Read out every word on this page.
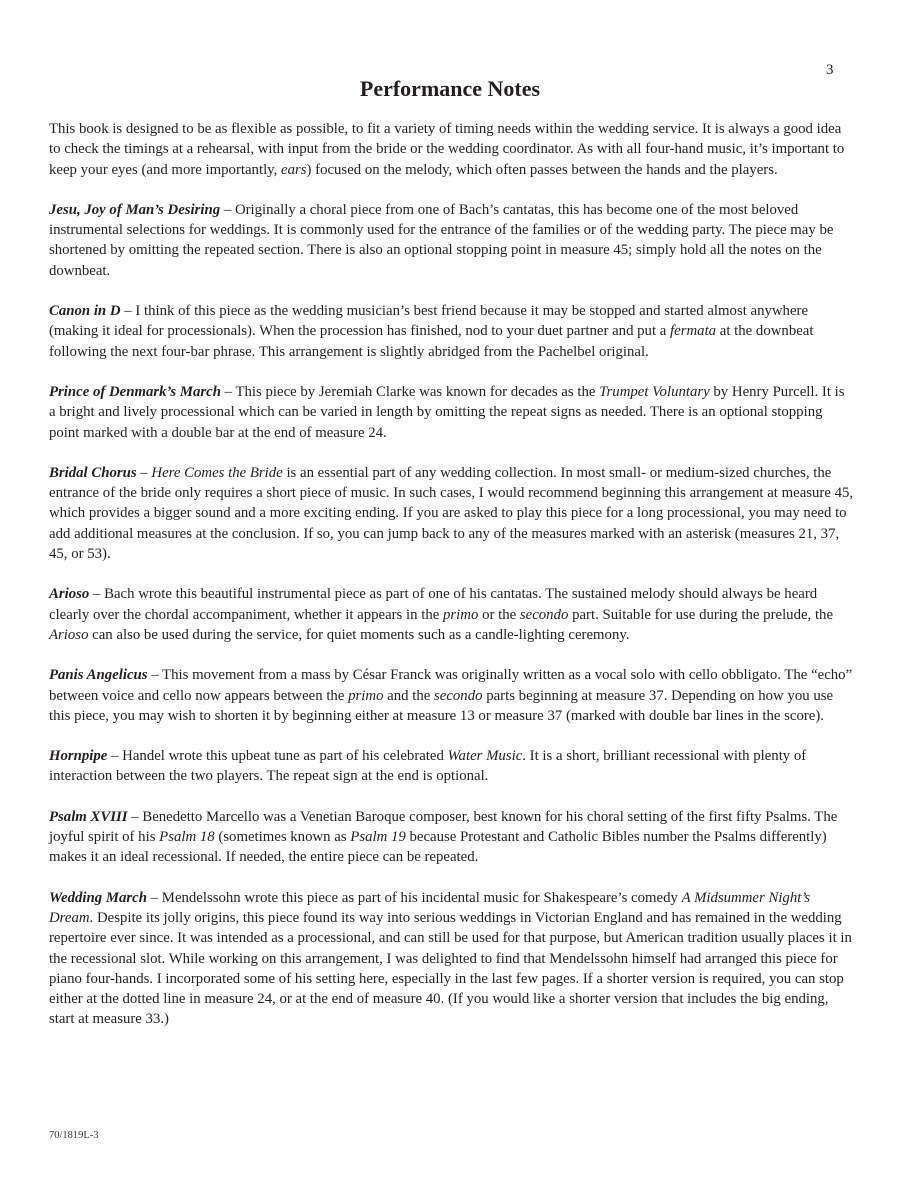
3
Performance Notes

This book is designed to be as flexible as possible, to fit a variety of timing needs within the wedding service. It is always a good idea to check the timings at a rehearsal, with input from the bride or the wedding coordinator. As with all four-hand music, it’s important to keep your eyes (and more importantly, ears) focused on the melody, which often passes between the hands and the players.

Jesu, Joy of Man’s Desiring – Originally a choral piece from one of Bach’s cantatas, this has become one of the most beloved instrumental selections for weddings. It is commonly used for the entrance of the families or of the wedding party. The piece may be shortened by omitting the repeated section. There is also an optional stopping point in measure 45; simply hold all the notes on the downbeat.

Canon in D – I think of this piece as the wedding musician’s best friend because it may be stopped and started almost anywhere (making it ideal for processionals). When the procession has finished, nod to your duet partner and put a fermata at the downbeat following the next four-bar phrase. This arrangement is slightly abridged from the Pachelbel original.

Prince of Denmark’s March – This piece by Jeremiah Clarke was known for decades as the Trumpet Voluntary by Henry Purcell. It is a bright and lively processional which can be varied in length by omitting the repeat signs as needed. There is an optional stopping point marked with a double bar at the end of measure 24.

Bridal Chorus – Here Comes the Bride is an essential part of any wedding collection. In most small- or medium-sized churches, the entrance of the bride only requires a short piece of music. In such cases, I would recommend beginning this arrangement at measure 45, which provides a bigger sound and a more exciting ending. If you are asked to play this piece for a long processional, you may need to add additional measures at the conclusion. If so, you can jump back to any of the measures marked with an asterisk (measures 21, 37, 45, or 53).

Arioso – Bach wrote this beautiful instrumental piece as part of one of his cantatas. The sustained melody should always be heard clearly over the chordal accompaniment, whether it appears in the primo or the secondo part. Suitable for use during the prelude, the Arioso can also be used during the service, for quiet moments such as a candle-lighting ceremony.

Panis Angelicus – This movement from a mass by César Franck was originally written as a vocal solo with cello obbligato. The “echo” between voice and cello now appears between the primo and the secondo parts beginning at measure 37. Depending on how you use this piece, you may wish to shorten it by beginning either at measure 13 or measure 37 (marked with double bar lines in the score).

Hornpipe – Handel wrote this upbeat tune as part of his celebrated Water Music. It is a short, brilliant recessional with plenty of interaction between the two players. The repeat sign at the end is optional.

Psalm XVIII – Benedetto Marcello was a Venetian Baroque composer, best known for his choral setting of the first fifty Psalms. The joyful spirit of his Psalm 18 (sometimes known as Psalm 19 because Protestant and Catholic Bibles number the Psalms differently) makes it an ideal recessional. If needed, the entire piece can be repeated.

Wedding March – Mendelssohn wrote this piece as part of his incidental music for Shakespeare’s comedy A Midsummer Night’s Dream. Despite its jolly origins, this piece found its way into serious weddings in Victorian England and has remained in the wedding repertoire ever since. It was intended as a processional, and can still be used for that purpose, but American tradition usually places it in the recessional slot. While working on this arrangement, I was delighted to find that Mendelssohn himself had arranged this piece for piano four-hands. I incorporated some of his setting here, especially in the last few pages. If a shorter version is required, you can stop either at the dotted line in measure 24, or at the end of measure 40. (If you would like a shorter version that includes the big ending, start at measure 33.)

70/1819L-3
